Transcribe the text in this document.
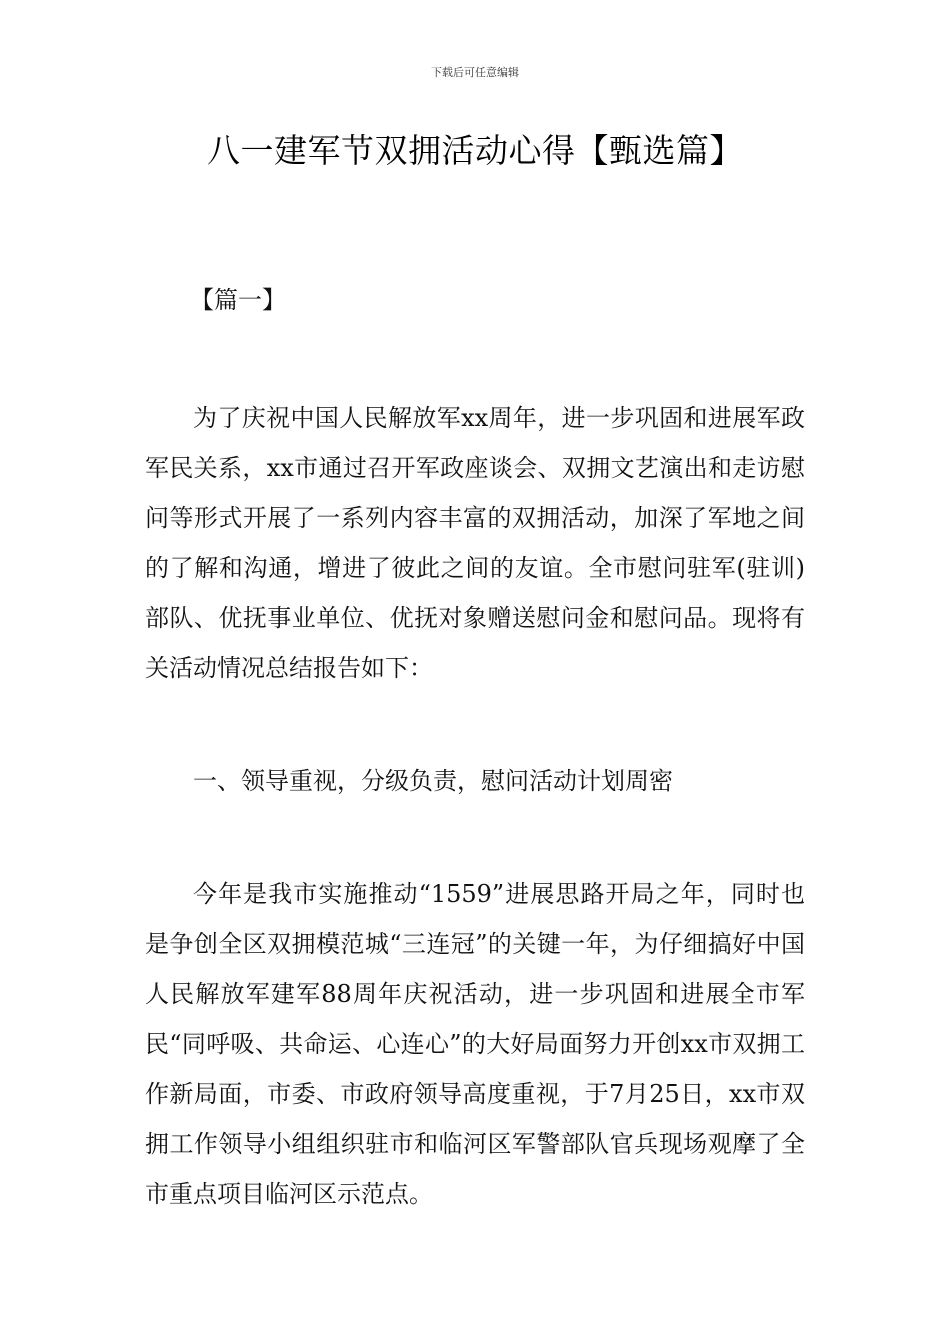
下载后可任意编辑
八一建军节双拥活动心得【甄选篇】

【篇一】

为了庆祝中国人民解放军xx周年，进一步巩固和进展军政军民关系，xx市通过召开军政座谈会、双拥文艺演出和走访慰问等形式开展了一系列内容丰富的双拥活动，加深了军地之间的了解和沟通，增进了彼此之间的友谊。全市慰问驻军(驻训)部队、优抚事业单位、优抚对象赠送慰问金和慰问品。现将有关活动情况总结报告如下：

一、领导重视，分级负责，慰问活动计划周密

今年是我市实施推动“1559”进展思路开局之年，同时也是争创全区双拥模范城“三连冠”的关键一年，为仔细搞好中国人民解放军建军88周年庆祝活动，进一步巩固和进展全市军民“同呼吸、共命运、心连心”的大好局面努力开创xx市双拥工作新局面，市委、市政府领导高度重视，于7月25日，xx市双拥工作领导小组组织驻市和临河区军警部队官兵现场观摩了全市重点项目临河区示范点。
